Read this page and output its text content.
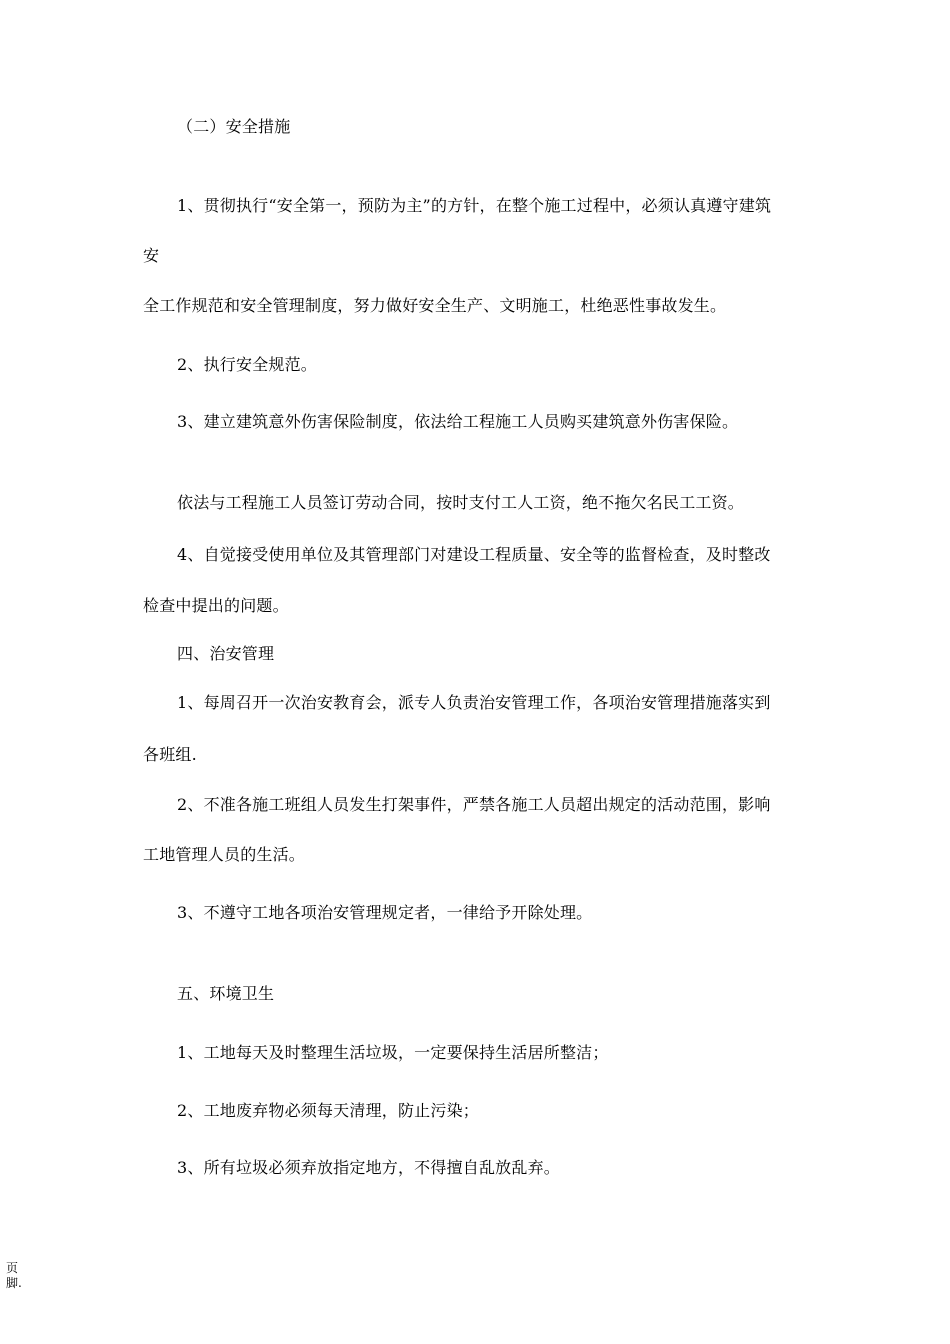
（二）安全措施
1、贯彻执行“安全第一，预防为主”的方针，在整个施工过程中，必须认真遵守建筑
安
全工作规范和安全管理制度，努力做好安全生产、文明施工，杜绝恶性事故发生。
2、执行安全规范。
3、建立建筑意外伤害保险制度，依法给工程施工人员购买建筑意外伤害保险。
依法与工程施工人员签订劳动合同，按时支付工人工资，绝不拖欠名民工工资。
4、自觉接受使用单位及其管理部门对建设工程质量、安全等的监督检查，及时整改
检查中提出的问题。
四、治安管理
1、每周召开一次治安教育会，派专人负责治安管理工作，各项治安管理措施落实到
各班组.
2、不准各施工班组人员发生打架事件，严禁各施工人员超出规定的活动范围，影响
工地管理人员的生活。
3、不遵守工地各项治安管理规定者，一律给予开除处理。
五、环境卫生
1、工地每天及时整理生活垃圾，一定要保持生活居所整洁；
2、工地废弃物必须每天清理，防止污染；
3、所有垃圾必须弃放指定地方，不得擅自乱放乱弃。
页
脚.
